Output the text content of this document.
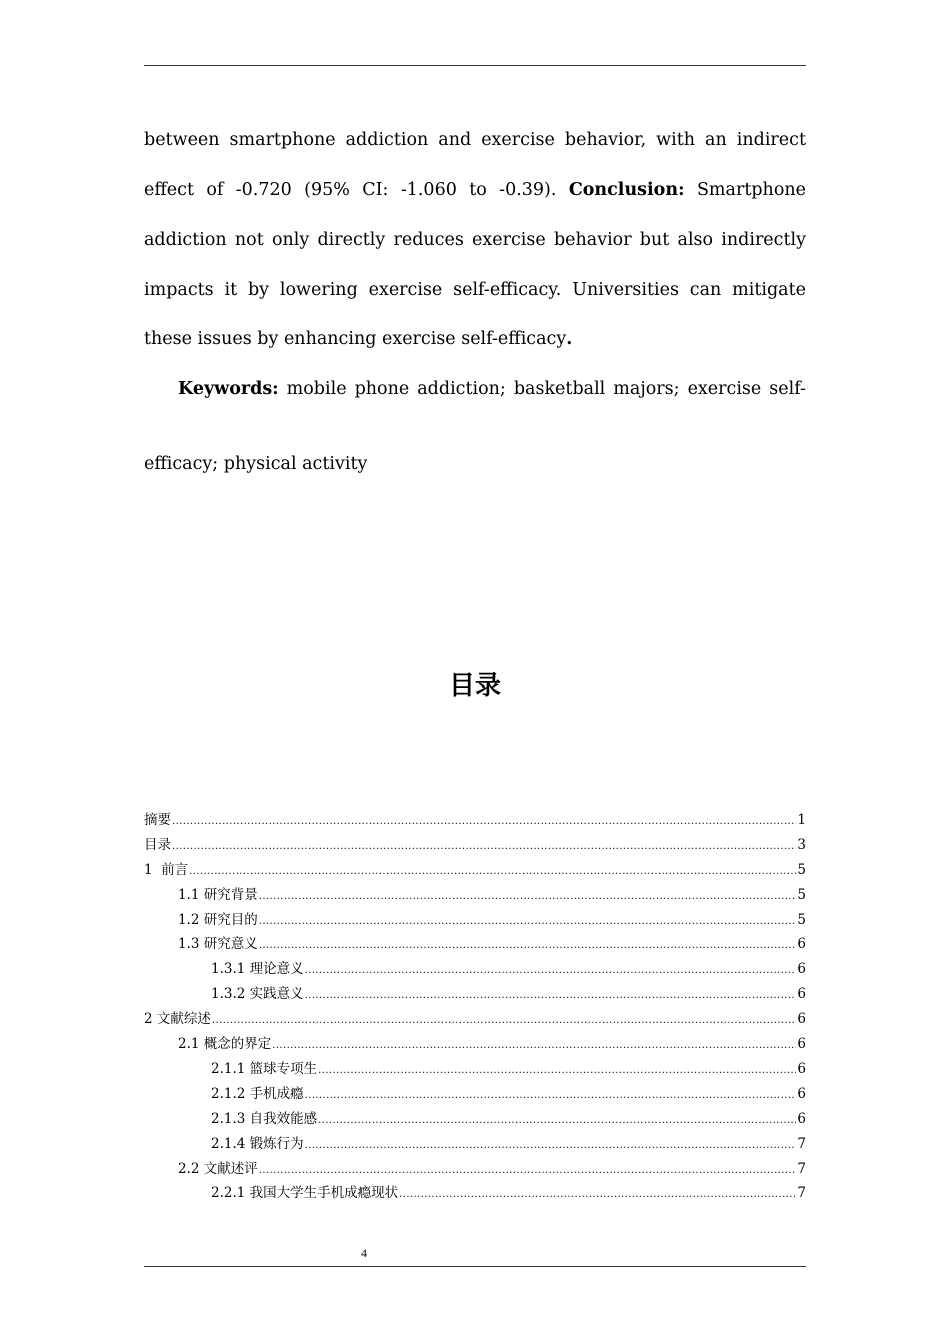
between smartphone addiction and exercise behavior, with an indirect
effect of -0.720 (95% CI: -1.060 to -0.39). Conclusion: Smartphone
addiction not only directly reduces exercise behavior but also indirectly
impacts it by lowering exercise self-efficacy. Universities can mitigate
these issues by enhancing exercise self-efficacy.
Keywords: mobile phone addiction; basketball majors; exercise self-
efficacy; physical activity
目录
摘要 .....	1
目录 .....	3
1  前言 .....	5
1.1 研究背景 .....	5
1.2 研究目的 .....	5
1.3 研究意义 .....	6
1.3.1 理论意义 .....	6
1.3.2 实践意义 .....	6
2 文献综述 .....	6
2.1 概念的界定 .....	6
2.1.1 篮球专项生 .....	6
2.1.2 手机成瘾 .....	6
2.1.3 自我效能感 .....	6
2.1.4 锻炼行为 .....	7
2.2 文献述评 .....	7
2.2.1 我国大学生手机成瘾现状 .....	7
4
